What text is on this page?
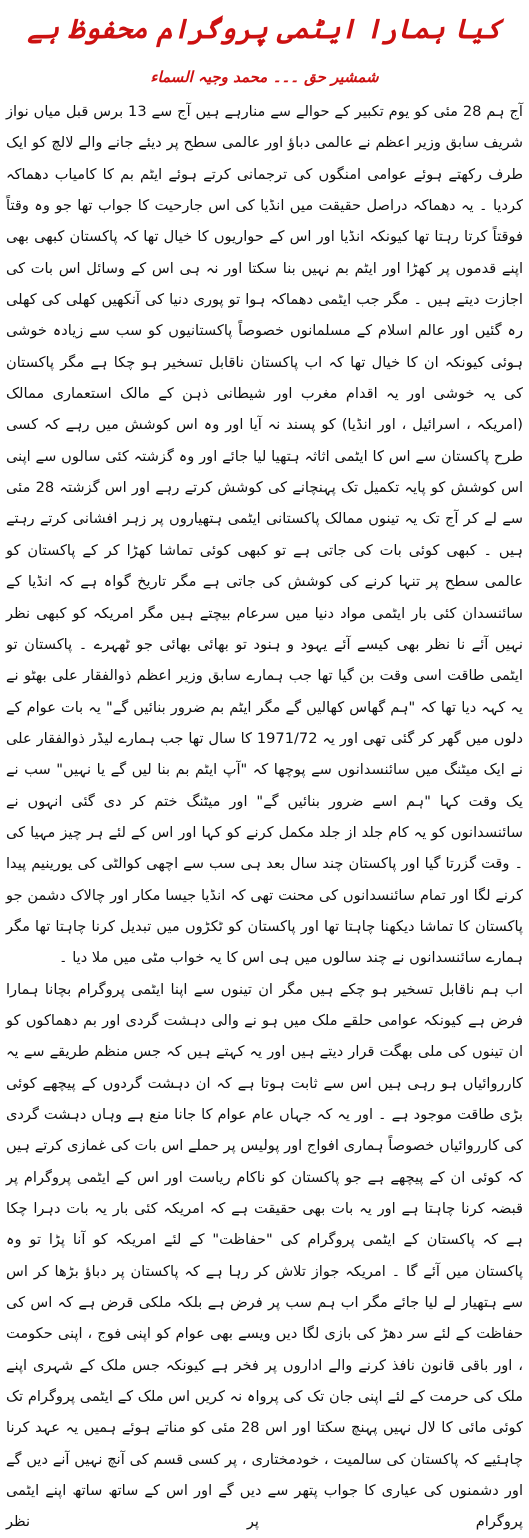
کیا ہمارا ایٹمی پروگرام محفوظ ہے
شمشیر حق ۔۔۔ محمد وجیہ السماء

آج ہم 28 مئی کو یوم تکبیر کے حوالے سے منارہے ہیں آج سے 13 برس قبل میاں نواز شریف سابق وزیر اعظم نے عالمی دباؤ اور عالمی سطح پر دیئے جانے والے لالچ کو ایک طرف رکھتے ہوئے عوامی امنگوں کی ترجمانی کرتے ہوئے ایٹم بم کا کامیاب دھماکہ کردیا ۔ یہ دھماکہ دراصل حقیقت میں انڈیا کی اس جارحیت کا جواب تھا جو وہ وقتاً فوقتاً کرتا رہتا تھا کیونکہ انڈیا اور اس کے حواریوں کا خیال تھا کہ پاکستان کبھی بھی اپنے قدموں پر کھڑا اور ایٹم بم نہیں بنا سکتا اور نہ ہی اس کے وسائل اس بات کی اجازت دیتے ہیں ۔ مگر جب ایٹمی دھماکہ ہوا تو پوری دنیا کی آنکھیں کھلی کی کھلی رہ گئیں اور عالم اسلام کے مسلمانوں خصوصاً پاکستانیوں کو سب سے زیادہ خوشی ہوئی کیونکہ ان کا خیال تھا کہ اب پاکستان ناقابل تسخیر ہو چکا ہے مگر پاکستان کی یہ خوشی اور یہ اقدام مغرب اور شیطانی ذہن کے مالک استعماری ممالک (امریکہ ، اسرائیل ، اور انڈیا) کو پسند نہ آیا اور وہ اس کوشش میں رہے کہ کسی طرح پاکستان سے اس کا ایٹمی اثاثہ ہتھیا لیا جائے اور وہ گزشتہ کئی سالوں سے اپنی اس کوشش کو پایہ تکمیل تک پہنچانے کی کوشش کرتے رہے اور اس گزشتہ 28 مئی سے لے کر آج تک یہ تینوں ممالک پاکستانی ایٹمی ہتھیاروں پر زہر افشانی کرتے رہتے ہیں ۔ کبھی کوئی بات کی جاتی ہے تو کبھی کوئی تماشا کھڑا کر کے پاکستان کو عالمی سطح پر تنہا کرنے کی کوشش کی جاتی ہے مگر تاریخ گواہ ہے کہ انڈیا کے سائنسدان کئی بار ایٹمی مواد دنیا میں سرعام بیچتے ہیں مگر امریکہ کو کبھی نظر نہیں آئے نا نظر بھی کیسے آئے یہود و ہنود تو بھائی بھائی جو ٹھہرے ۔ پاکستان تو ایٹمی طاقت اسی وقت بن گیا تھا جب ہمارے سابق وزیر اعظم ذوالفقار علی بھٹو نے یہ کہہ دیا تھا کہ "ہم گھاس کھالیں گے مگر ایٹم بم ضرور بنائیں گے" یہ بات عوام کے دلوں میں گھر کر گئی تھی اور یہ 1971/72 کا سال تھا جب ہمارے لیڈر ذوالفقار علی نے ایک میٹنگ میں سائنسدانوں سے پوچھا کہ "آپ ایٹم بم بنا لیں گے یا نہیں" سب نے یک وقت کہا "ہم اسے ضرور بنائیں گے" اور میٹنگ ختم کر دی گئی انہوں نے سائنسدانوں کو یہ کام جلد از جلد مکمل کرنے کو کہا اور اس کے لئے ہر چیز مہیا کی ۔ وقت گزرتا گیا اور پاکستان چند سال بعد ہی سب سے اچھی کوالٹی کی یورینیم پیدا کرنے لگا اور تمام سائنسدانوں کی محنت تھی کہ انڈیا جیسا مکار اور چالاک دشمن جو پاکستان کا تماشا دیکھنا چاہتا تھا اور پاکستان کو ٹکڑوں میں تبدیل کرنا چاہتا تھا مگر ہمارے سائنسدانوں نے چند سالوں میں ہی اس کا یہ خواب مٹی میں ملا دیا ۔

اب ہم ناقابل تسخیر ہو چکے ہیں مگر ان تینوں سے اپنا ایٹمی پروگرام بچانا ہمارا فرض ہے کیونکہ عوامی حلقے ملک میں ہو نے والی دہشت گردی اور بم دھماکوں کو ان تینوں کی ملی بھگت قرار دیتے ہیں اور یہ کہتے ہیں کہ جس منظم طریقے سے یہ کارروائیاں ہو رہی ہیں اس سے ثابت ہوتا ہے کہ ان دہشت گردوں کے پیچھے کوئی بڑی طاقت موجود ہے ۔ اور یہ کہ جہاں عام عوام کا جانا منع ہے وہاں دہشت گردی کی کارروائیاں خصوصاً ہماری افواج اور پولیس پر حملے اس بات کی غمازی کرتے ہیں کہ کوئی ان کے پیچھے ہے جو پاکستان کو ناکام ریاست اور اس کے ایٹمی پروگرام پر قبضہ کرنا چاہتا ہے اور یہ بات بھی حقیقت ہے کہ امریکہ کئی بار یہ بات دہرا چکا ہے کہ پاکستان کے ایٹمی پروگرام کی "حفاظت" کے لئے امریکہ کو آنا پڑا تو وہ پاکستان میں آئے گا ۔ امریکہ جواز تلاش کر رہا ہے کہ پاکستان پر دباؤ بڑھا کر اس سے ہتھیار لے لیا جائے مگر اب ہم سب پر فرض ہے بلکہ ملکی قرض ہے کہ اس کی حفاظت کے لئے سر دھڑ کی بازی لگا دیں ویسے بھی عوام کو اپنی فوج ، اپنی حکومت ، اور باقی قانون نافذ کرنے والے اداروں پر فخر ہے کیونکہ جس ملک کے شہری اپنے ملک کی حرمت کے لئے اپنی جان تک کی پرواہ نہ کریں اس ملک کے ایٹمی پروگرام تک کوئی مائی کا لال نہیں پہنچ سکتا اور اس 28 مئی کو مناتے ہوئے ہمیں یہ عہد کرنا چاہئیے کہ پاکستان کی سالمیت ، خودمختاری ، پر کسی قسم کی آنچ نہیں آنے دیں گے اور دشمنوں کی عیاری کا جواب پتھر سے دیں گے اور اس کے ساتھ ساتھ اپنے ایٹمی پروگرام پر نظر
